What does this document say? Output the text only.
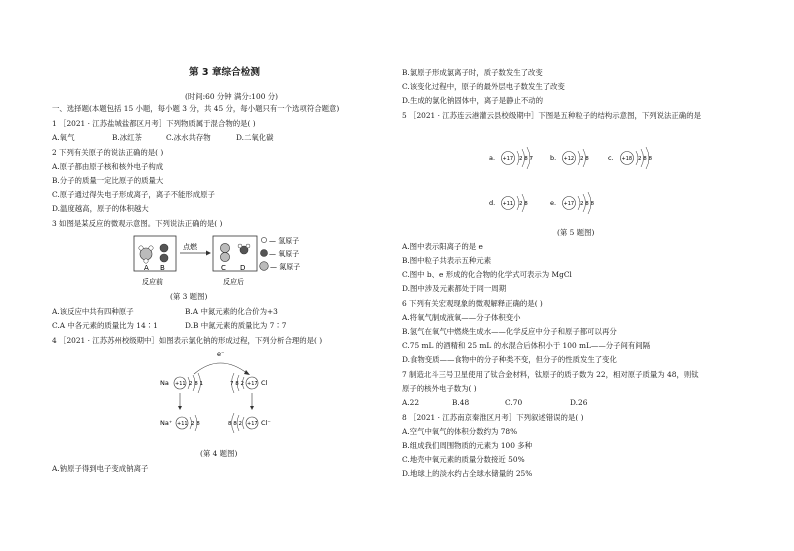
第 3 章综合检测
(时间:60 分钟 满分:100 分)
一、选择题(本题包括 15 小题，每小题 3 分，共 45 分，每小题只有一个选项符合题意)
1 ［2021 · 江苏盐城盐都区月考］下列物质属于混合物的是( )
A.氧气	B.冰红茶	C.冰水共存物	D.二氧化碳
2 下列有关原子的说法正确的是( )
A.原子都由原子核和核外电子构成
B.分子的质量一定比原子的质量大
C.原子通过得失电子形成离子，离子不能形成原子
D.温度越高，原子的体积越大
3 如图是某反应的微观示意图。下列说法正确的是( )
A B
点燃
C D
反应前	反应后
— 氢原子
— 氧原子
— 氮原子
(第 3 题图)
A.该反应中共有四种原子	B.A 中氮元素的化合价为+3
C.A 中各元素的质量比为 14∶1	D.B 中氮元素的质量比为 7∶7
4 ［2021 · 江苏苏州校级期中］如图表示氯化钠的形成过程，下列分析合理的是( )
e⁻
Na +11 2 8 1	7 8 2 +17 Cl
Na⁺ +11 2 8	8 8 2 +17 Cl⁻
(第 4 题图)
A.钠原子得到电子变成钠离子
B.氯原子形成氯离子时，质子数发生了改变
C.该变化过程中，原子的最外层电子数发生了改变
D.生成的氯化钠固体中，离子是静止不动的
5 ［2021 · 江苏连云港灌云县校级期中］下图是五种粒子的结构示意图，下列说法正确的是
a. +17 2 8 7	b. +12 2 8	c. +18 2 8 8
d. +11 2 8	e. +17 2 8 8
(第 5 题图)
A.图中表示阳离子的是 e
B.图中粒子共表示五种元素
C.图中 b、e 形成的化合物的化学式可表示为 MgCl
D.图中涉及元素都处于同一周期
6 下列有关宏观现象的微观解释正确的是( )
A.将氧气制成液氧——分子体积变小
B.氢气在氧气中燃烧生成水——化学反应中分子和原子都可以再分
C.75 mL 的酒精和 25 mL 的水混合后体积小于 100 mL——分子间有间隔
D.食物变质——食物中的分子种类不变，但分子的性质发生了变化
7 制造北斗三号卫星使用了钛合金材料，钛原子的质子数为 22，相对原子质量为 48，则钛
原子的核外电子数为( )
A.22	B.48	C.70	D.26
8 ［2021 · 江苏南京秦淮区月考］下列叙述错误的是( )
A.空气中氧气的体积分数约为 78%
B.组成我们周围物质的元素为 100 多种
C.地壳中氧元素的质量分数接近 50%
D.地球上的淡水约占全球水储量的 25%
